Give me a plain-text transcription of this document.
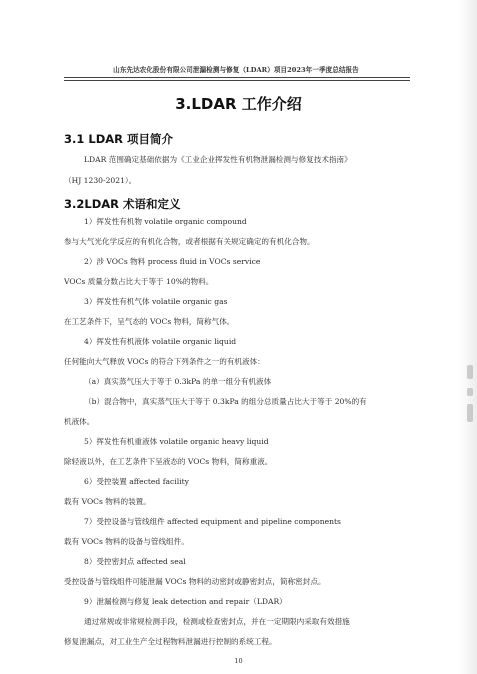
山东先达农化股份有限公司泄漏检测与修复（LDAR）项目2023年一季度总结报告
3.LDAR 工作介绍
3.1 LDAR 项目简介
LDAR 范围确定基础依据为《工业企业挥发性有机物泄漏检测与修复技术指南》
（HJ 1230-2021）。
3.2LDAR 术语和定义
1）挥发性有机物 volatile organic compound
参与大气光化学反应的有机化合物，或者根据有关规定确定的有机化合物。
2）涉 VOCs 物料 process fluid in VOCs service
VOCs 质量分数占比大于等于 10%的物料。
3）挥发性有机气体 volatile organic gas
在工艺条件下，呈气态的 VOCs 物料，简称气体。
4）挥发性有机液体 volatile organic liquid
任何能向大气释放 VOCs 的符合下列条件之一的有机液体：
（a）真实蒸气压大于等于 0.3kPa 的单一组分有机液体
（b）混合物中，真实蒸气压大于等于 0.3kPa 的组分总质量占比大于等于 20%的有
机液体。
5）挥发性有机重液体 volatile organic heavy liquid
除轻液以外，在工艺条件下呈液态的 VOCs 物料，简称重液。
6）受控装置 affected facility
载有 VOCs 物料的装置。
7）受控设备与管线组件 affected equipment and pipeline components
载有 VOCs 物料的设备与管线组件。
8）受控密封点 affected seal
受控设备与管线组件可能泄漏 VOCs 物料的动密封或静密封点，简称密封点。
9）泄漏检测与修复 leak detection and repair（LDAR）
通过常规或非常规检测手段，检测或检查密封点，并在一定期限内采取有效措施
修复泄漏点，对工业生产全过程物料泄漏进行控制的系统工程。
10
